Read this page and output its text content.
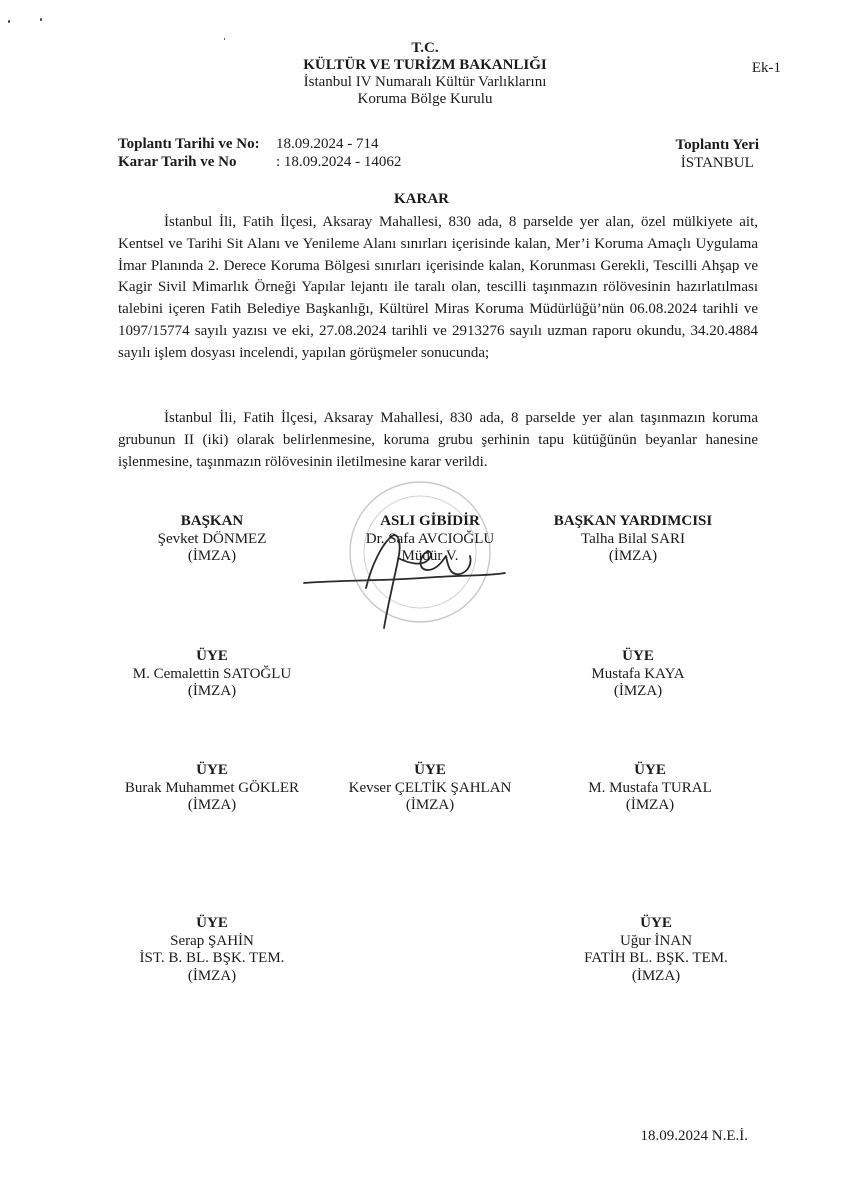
T.C.
KÜLTÜR VE TURİZM BAKANLIĞI
İstanbul IV Numaralı Kültür Varlıklarını
Koruma Bölge Kurulu
Ek-1
Toplantı Tarihi ve No: 18.09.2024 - 714
Karar Tarih ve No	: 18.09.2024 - 14062
Toplantı Yeri
İSTANBUL
KARAR

İstanbul İli, Fatih İlçesi, Aksaray Mahallesi, 830 ada, 8 parselde yer alan, özel mülkiyete ait, Kentsel ve Tarihi Sit Alanı ve Yenileme Alanı sınırları içerisinde kalan, Mer’i Koruma Amaçlı Uygulama İmar Planında 2. Derece Koruma Bölgesi sınırları içerisinde kalan, Korunması Gerekli, Tescilli Ahşap ve Kagir Sivil Mimarlık Örneği Yapılar lejantı ile taralı olan, tescilli taşınmazın rölövesinin hazırlatılması talebini içeren Fatih Belediye Başkanlığı, Kültürel Miras Koruma Müdürlüğü’nün 06.08.2024 tarihli ve 1097/15774 sayılı yazısı ve eki, 27.08.2024 tarihli ve 2913276 sayılı uzman raporu okundu, 34.20.4884 sayılı işlem dosyası incelendi, yapılan görüşmeler sonucunda;

İstanbul İli, Fatih İlçesi, Aksaray Mahallesi, 830 ada, 8 parselde yer alan taşınmazın koruma grubunun II (iki) olarak belirlenmesine, koruma grubu şerhinin tapu kütüğünün beyanlar hanesine işlenmesine, taşınmazın rölövesinin iletilmesine karar verildi.

BAŞKAN
Şevket DÖNMEZ
(İMZA)
ASLI GİBİDİR
Dr. Safa AVCIOĞLU
Müdür V.
BAŞKAN YARDIMCISI
Talha Bilal SARI
(İMZA)
ÜYE
M. Cemalettin SATOĞLU
(İMZA)
ÜYE
Mustafa KAYA
(İMZA)
ÜYE
Burak Muhammet GÖKLER
(İMZA)
ÜYE
Kevser ÇELTİK ŞAHLAN
(İMZA)
ÜYE
M. Mustafa TURAL
(İMZA)
ÜYE
Serap ŞAHİN
İST. B. BL. BŞK. TEM.
(İMZA)
ÜYE
Uğur İNAN
FATİH BL. BŞK. TEM.
(İMZA)
18.09.2024 N.E.İ.
